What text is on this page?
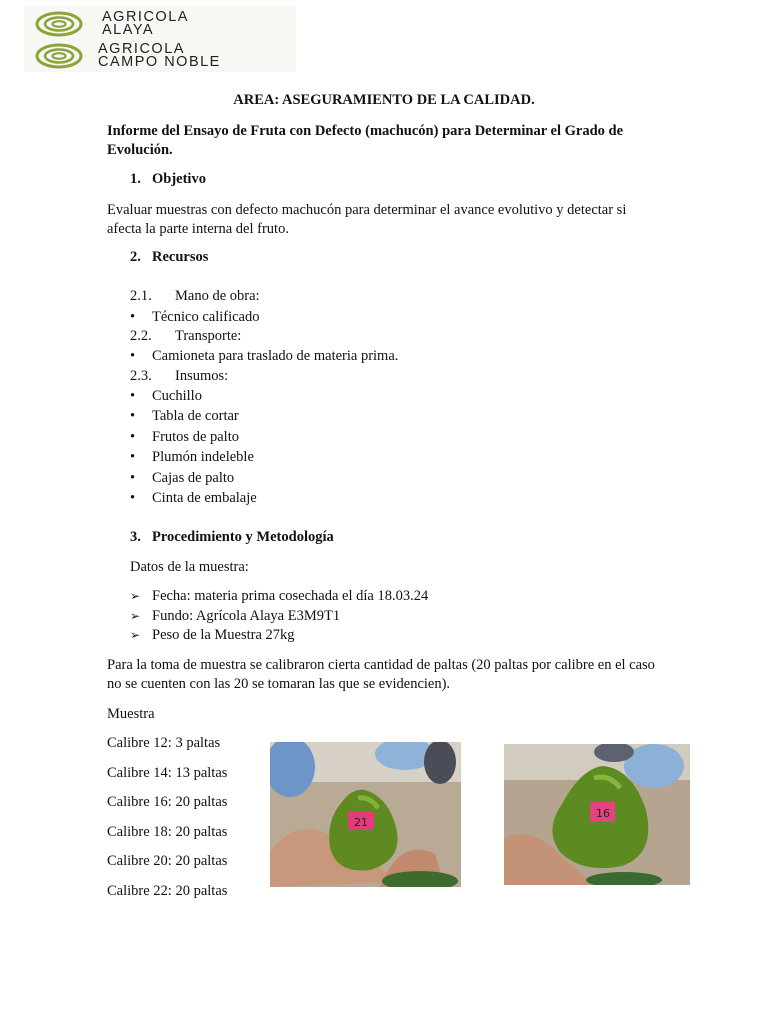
AGRICOLA
ALAYA
AGRICOLA
CAMPO NOBLE
AREA: ASEGURAMIENTO DE LA CALIDAD.
Informe del Ensayo de Fruta con Defecto (machucón) para Determinar el Grado de Evolución.
1. Objetivo
Evaluar muestras con defecto machucón para determinar el avance evolutivo y detectar si afecta la parte interna del fruto.
2. Recursos
2.1. Mano de obra:
• Técnico calificado
2.2. Transporte:
• Camioneta para traslado de materia prima.
2.3. Insumos:
• Cuchillo
• Tabla de cortar
• Frutos de palto
• Plumón indeleble
• Cajas de palto
• Cinta de embalaje
3. Procedimiento y Metodología
Datos de la muestra:
➢ Fecha: materia prima cosechada el día 18.03.24
➢ Fundo: Agrícola Alaya E3M9T1
➢ Peso de la Muestra 27kg
Para la toma de muestra se calibraron cierta cantidad de paltas (20 paltas por calibre en el caso no se cuenten con las 20 se tomaran las que se evidencien).
Muestra
Calibre 12: 3 paltas
Calibre 14: 13 paltas
Calibre 16: 20 paltas
Calibre 18: 20 paltas
Calibre 20: 20 paltas
Calibre 22: 20 paltas
21
16
